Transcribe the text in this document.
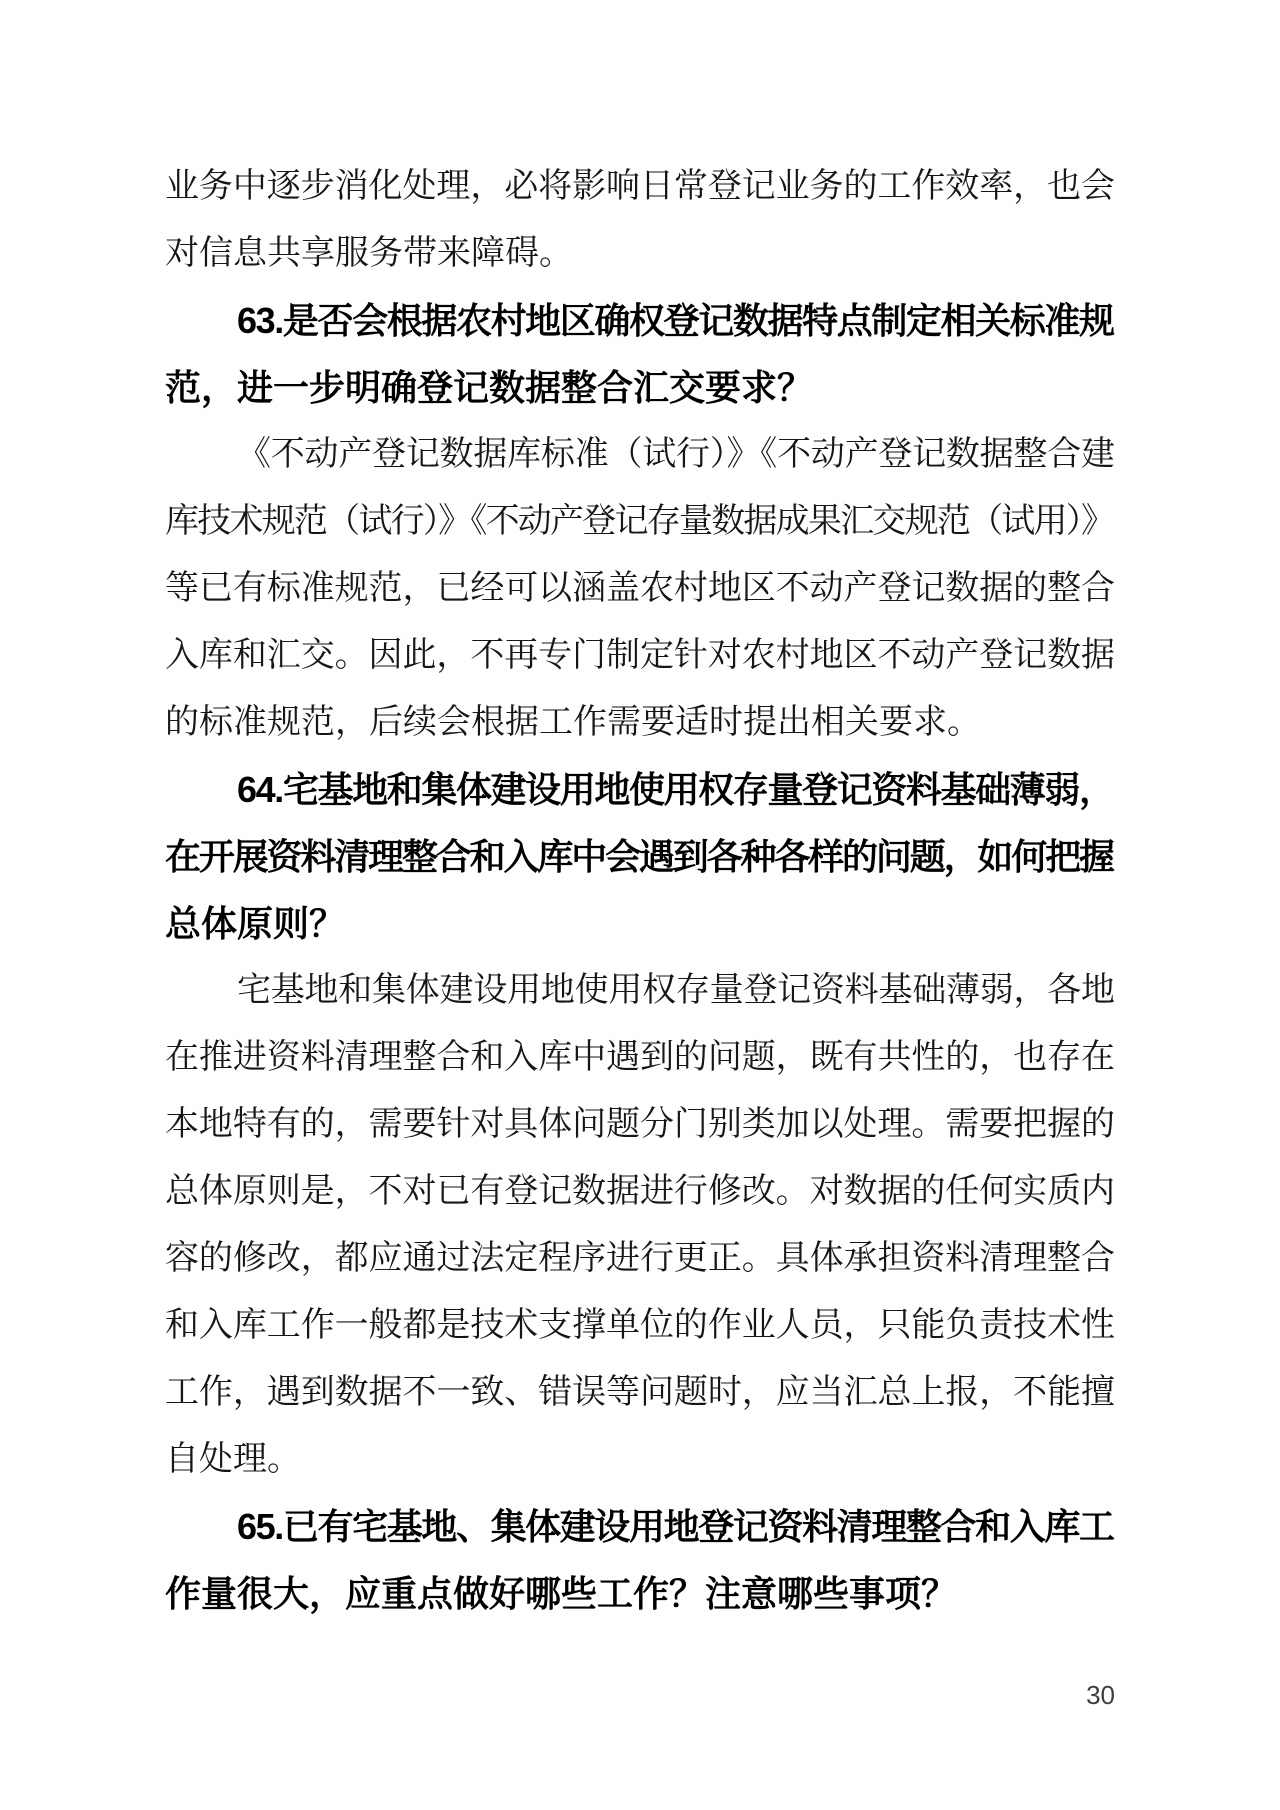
业务中逐步消化处理，必将影响日常登记业务的工作效率，也会
对信息共享服务带来障碍。
63.是否会根据农村地区确权登记数据特点制定相关标准规
范，进一步明确登记数据整合汇交要求？
《不动产登记数据库标准（试行）》《不动产登记数据整合建
库技术规范（试行）》《不动产登记存量数据成果汇交规范（试用）》
等已有标准规范，已经可以涵盖农村地区不动产登记数据的整合
入库和汇交。因此，不再专门制定针对农村地区不动产登记数据
的标准规范，后续会根据工作需要适时提出相关要求。
64.宅基地和集体建设用地使用权存量登记资料基础薄弱，
在开展资料清理整合和入库中会遇到各种各样的问题，如何把握
总体原则？
宅基地和集体建设用地使用权存量登记资料基础薄弱，各地
在推进资料清理整合和入库中遇到的问题，既有共性的，也存在
本地特有的，需要针对具体问题分门别类加以处理。需要把握的
总体原则是，不对已有登记数据进行修改。对数据的任何实质内
容的修改，都应通过法定程序进行更正。具体承担资料清理整合
和入库工作一般都是技术支撑单位的作业人员，只能负责技术性
工作，遇到数据不一致、错误等问题时，应当汇总上报，不能擅
自处理。
65.已有宅基地、集体建设用地登记资料清理整合和入库工
作量很大，应重点做好哪些工作？注意哪些事项？
30
